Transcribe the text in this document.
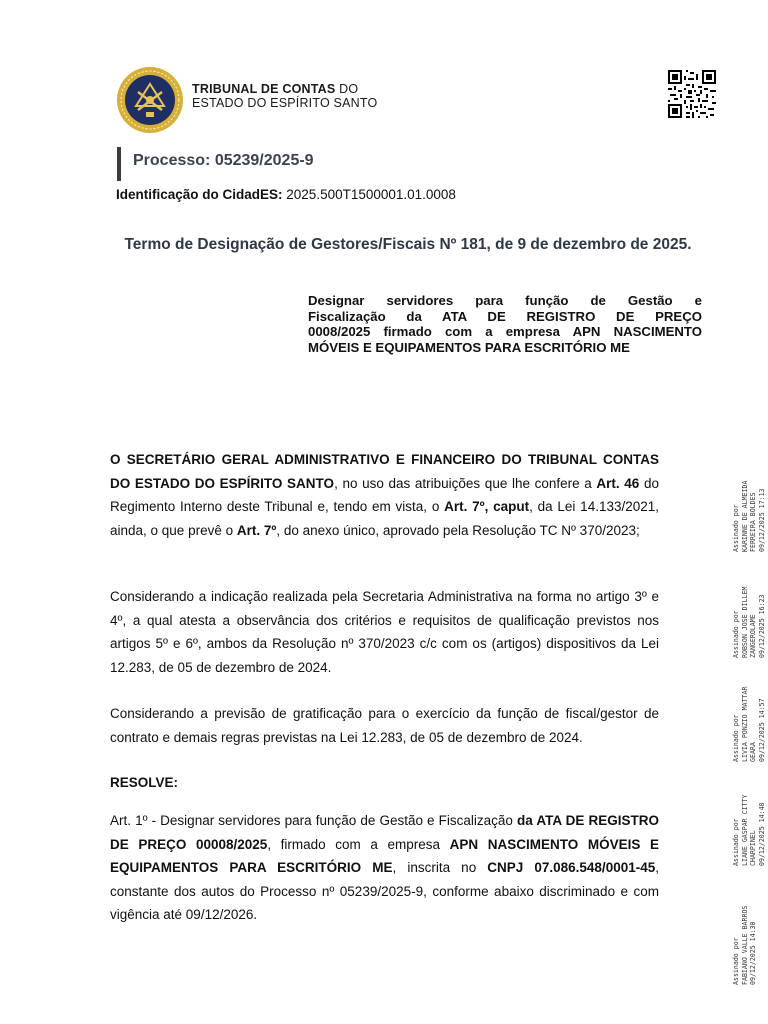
TRIBUNAL DE CONTAS DO
ESTADO DO ESPÍRITO SANTO
Processo: 05239/2025-9
Identificação do CidadES: 2025.500T1500001.01.0008
Termo de Designação de Gestores/Fiscais Nº 181, de 9 de dezembro de 2025.
Designar servidores para função de Gestão e
Fiscalização da ATA DE REGISTRO DE PREÇO
0008/2025 firmado com a empresa APN NASCIMENTO
MÓVEIS E EQUIPAMENTOS PARA ESCRITÓRIO ME
O SECRETÁRIO GERAL ADMINISTRATIVO E FINANCEIRO DO TRIBUNAL CONTAS DO ESTADO DO ESPÍRITO SANTO, no uso das atribuições que lhe confere a Art. 46 do Regimento Interno deste Tribunal e, tendo em vista, o Art. 7º, caput, da Lei 14.133/2021, ainda, o que prevê o Art. 7º, do anexo único, aprovado pela Resolução TC Nº 370/2023;
Considerando a indicação realizada pela Secretaria Administrativa na forma no artigo 3º e 4º, a qual atesta a observância dos critérios e requisitos de qualificação previstos nos artigos 5º e 6º, ambos da Resolução nº 370/2023 c/c com os (artigos) dispositivos da Lei 12.283, de 05 de dezembro de 2024.
Considerando a previsão de gratificação para o exercício da função de fiscal/gestor de contrato e demais regras previstas na Lei 12.283, de 05 de dezembro de 2024.
RESOLVE:
Art. 1º - Designar servidores para função de Gestão e Fiscalização da ATA DE REGISTRO DE PREÇO 00008/2025, firmado com a empresa APN NASCIMENTO MÓVEIS E EQUIPAMENTOS PARA ESCRITÓRIO ME, inscrita no CNPJ 07.086.548/0001-45, constante dos autos do Processo nº 05239/2025-9, conforme abaixo discriminado e com vigência até 09/12/2026.
Assinado por KARINNE DE ALMEIDA FERREIRA BOLDES 09/12/2025 17:13
Assinado por ROBSON JOSE DILLEM ZANGEROLAME 09/12/2025 16:23
Assinado por LIVIA PONZIO MATTAR GEARA 09/12/2025 14:57
Assinado por LIANE GASPAR CITTY CHARPINEL 09/12/2025 14:48
Assinado por FABIANO VALLE BARROS 09/12/2025 14:30
